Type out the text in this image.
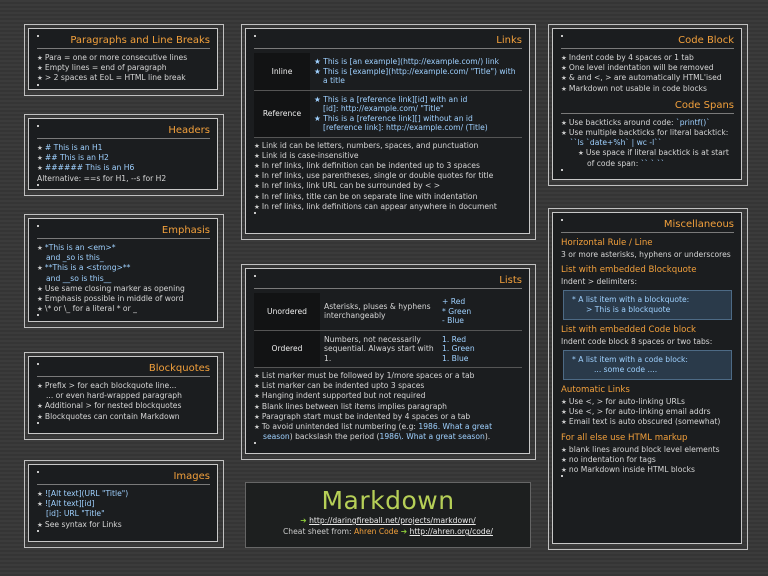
Paragraphs and Line Breaks
★ Para = one or more consecutive lines
★ Empty lines = end of paragraph
★ > 2 spaces at EoL = HTML line break
Headers
★ # This is an H1
★ ## This is an H2
★ ###### This is an H6
Alternative: ==s for H1, --s for H2
Emphasis
★ *This is an <em>*
and _so is this_
★ **This is a <strong>**
and __so is this__
★ Use same closing marker as opening
★ Emphasis possible in middle of word
★ \* or \_ for a literal * or _
Blockquotes
★ Prefix > for each blockquote line...
... or even hard-wrapped paragraph
★ Additional > for nested blockquotes
★ Blockquotes can contain Markdown
Images
★ ![Alt text](URL "Title")
★ ![Alt text][id]
[id]: URL "Title"
★ See syntax for Links
Links
Inline	★ This is [an example](http://example.com/) link
★ This is [example](http://example.com/ "Title") with a title

Reference	★ This is a [reference link][id] with an id
[id]: http://example.com/ "Title"
★ This is a [reference link][] without an id
[reference link]: http://example.com/ (Title)
★ Link id can be letters, numbers, spaces, and punctuation
★ Link id is case-insensitive
★ In ref links, link definition can be indented up to 3 spaces
★ In ref links, use parentheses, single or double quotes for title
★ In ref links, link URL can be surrounded by < >
★ In ref links, title can be on separate line with indentation
★ In ref links, link definitions can appear anywhere in document
Lists
Unordered	Asterisks, pluses & hyphens interchangeably	+ Red
* Green
- Blue

Ordered	Numbers, not necessarily sequential. Always start with 1.	1. Red
1. Green
1. Blue
★ List marker must be followed by 1/more spaces or a tab
★ List marker can be indented upto 3 spaces
★ Hanging indent supported but not required
★ Blank lines between list items implies paragraph
★ Paragraph start must be indented by 4 spaces or a tab
★ To avoid unintended list numbering (e.g: 1986. What a great season) backslash the period (1986\. What a great season).
Markdown
➔ http://daringfireball.net/projects/markdown/
Cheat sheet from: Ahren Code ➔ http://ahren.org/code/
Code Block
★ Indent code by 4 spaces or 1 tab
★ One level indentation will be removed
★ & and <, > are automatically HTML'ised
★ Markdown not usable in code blocks
Code Spans
★ Use backticks around code: `printf()`
★ Use multiple backticks for literal backtick: ``ls `date+%h` | wc -l``
★ Use space if literal backtick is at start of code span: `` ` ``
Miscellaneous
Horizontal Rule / Line
3 or more asterisks, hyphens or underscores
List with embedded Blockquote
Indent > delimiters:
* A list item with a blockquote:
> This is a blockquote
List with embedded Code block
Indent code block 8 spaces or two tabs:
* A list item with a code block:
... some code ....
Automatic Links
★ Use <, > for auto-linking URLs
★ Use <, > for auto-linking email addrs
★ Email text is auto obscured (somewhat)
For all else use HTML markup
★ blank lines around block level elements
★ no indentation for tags
★ no Markdown inside HTML blocks
